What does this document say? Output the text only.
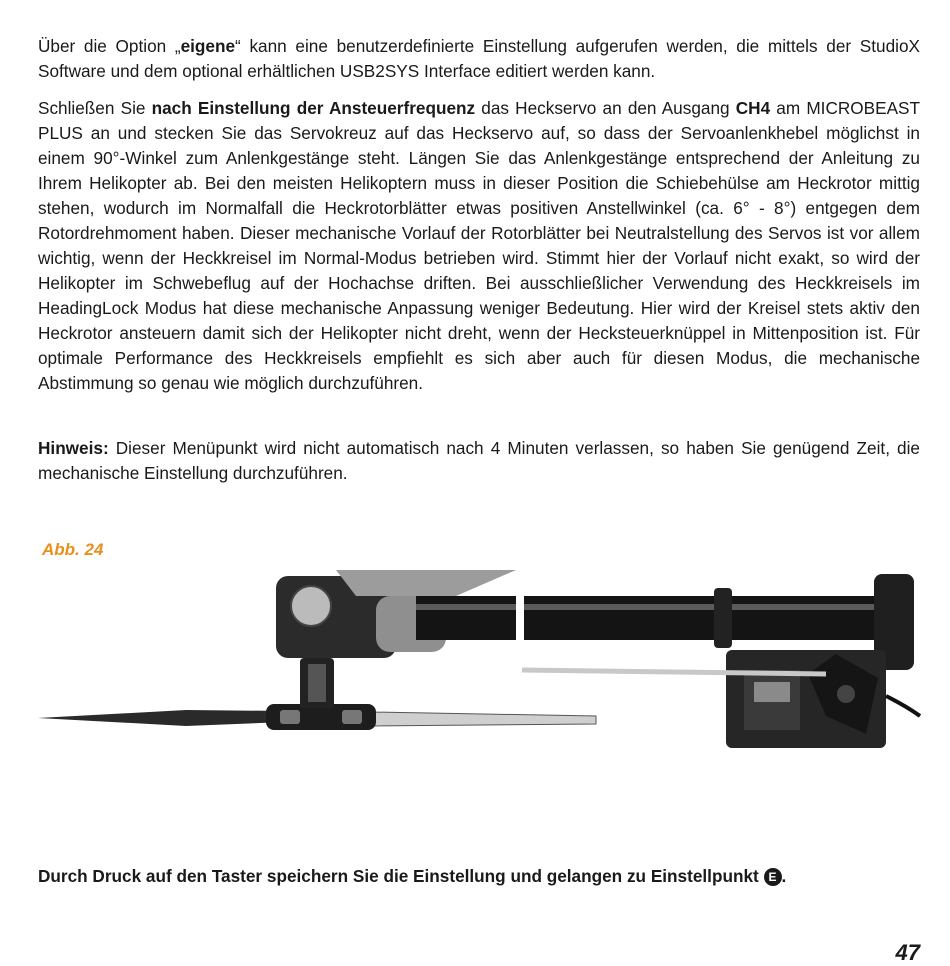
Über die Option „eigene“ kann eine benutzerdefinierte Einstellung aufgerufen werden, die mittels der StudioX Software und dem optional erhältlichen USB2SYS Interface editiert werden kann.

Schließen Sie nach Einstellung der Ansteuerfrequenz das Heckservo an den Ausgang CH4 am MICROBEAST PLUS an und stecken Sie das Servokreuz auf das Heckservo auf, so dass der Servoanlenkhebel möglichst in einem 90°-Winkel zum Anlenkgestänge steht. Längen Sie das Anlenkgestänge entsprechend der Anleitung zu Ihrem Helikopter ab. Bei den meisten Helikoptern muss in dieser Position die Schiebehülse am Heckrotor mittig stehen, wodurch im Normalfall die Heckrotorblätter etwas positiven Anstellwinkel (ca. 6° - 8°) entgegen dem Rotordrehmoment haben. Dieser mechanische Vorlauf der Rotorblätter bei Neutralstellung des Servos ist vor allem wichtig, wenn der Heckkreisel im Normal-Modus betrieben wird. Stimmt hier der Vorlauf nicht exakt, so wird der Helikopter im Schwebeflug auf der Hochachse driften. Bei ausschließlicher Verwendung des Heckkreisels im HeadingLock Modus hat diese mechanische Anpassung weniger Bedeutung. Hier wird der Kreisel stets aktiv den Heckrotor ansteuern damit sich der Helikopter nicht dreht, wenn der Hecksteuerknüppel in Mittenposition ist. Für optimale Performance des Heckkreisels empfiehlt es sich aber auch für diesen Modus, die mechanische Abstimmung so genau wie möglich durchzuführen.

Hinweis: Dieser Menüpunkt wird nicht automatisch nach 4 Minuten verlassen, so haben Sie genügend Zeit, die mechanische Einstellung durchzuführen.

Abb. 24
Durch Druck auf den Taster speichern Sie die Einstellung und gelangen zu Einstellpunkt E .
47
